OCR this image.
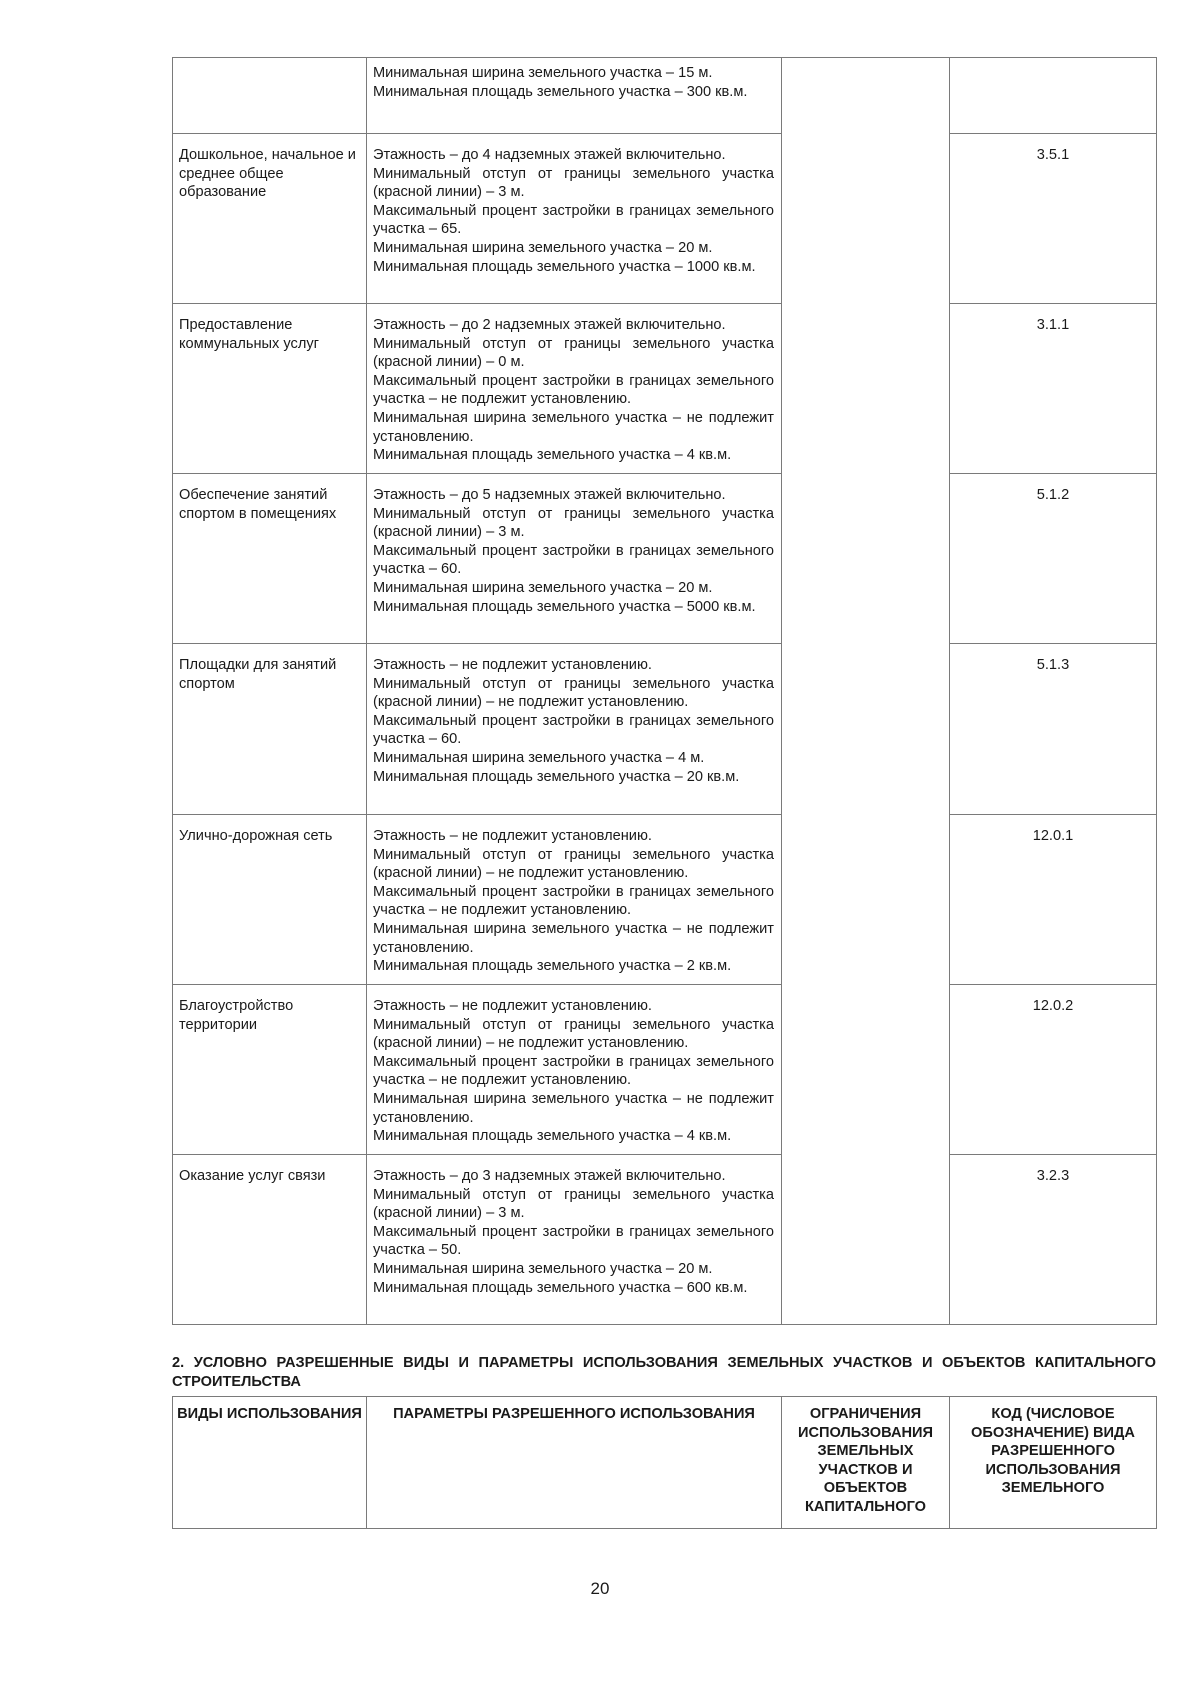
	Минимальная ширина земельного участка – 15 м.
Минимальная площадь земельного участка – 300 кв.м.		

Дошкольное, начальное и среднее общее образование	Этажность – до 4 надземных этажей включительно.
Минимальный отступ от границы земельного участка (красной линии) – 3 м.
Максимальный процент застройки в границах земельного участка – 65.
Минимальная ширина земельного участка – 20 м.
Минимальная площадь земельного участка – 1000 кв.м.		3.5.1
Предоставление коммунальных услуг	Этажность – до 2 надземных этажей включительно.
Минимальный отступ от границы земельного участка (красной линии) – 0 м.
Максимальный процент застройки в границах земельного участка – не подлежит установлению.
Минимальная ширина земельного участка – не подлежит установлению.
Минимальная площадь земельного участка – 4 кв.м.		3.1.1
Обеспечение занятий спортом в помещениях	Этажность – до 5 надземных этажей включительно.
Минимальный отступ от границы земельного участка (красной линии) – 3 м.
Максимальный процент застройки в границах земельного участка – 60.
Минимальная ширина земельного участка – 20 м.
Минимальная площадь земельного участка – 5000 кв.м.		5.1.2
Площадки для занятий спортом	Этажность – не подлежит установлению.
Минимальный отступ от границы земельного участка (красной линии) – не подлежит установлению.
Максимальный процент застройки в границах земельного участка – 60.
Минимальная ширина земельного участка – 4 м.
Минимальная площадь земельного участка – 20 кв.м.		5.1.3
Улично-дорожная сеть	Этажность – не подлежит установлению.
Минимальный отступ от границы земельного участка (красной линии) – не подлежит установлению.
Максимальный процент застройки в границах земельного участка – не подлежит установлению.
Минимальная ширина земельного участка – не подлежит установлению.
Минимальная площадь земельного участка – 2 кв.м.		12.0.1
Благоустройство территории	Этажность – не подлежит установлению.
Минимальный отступ от границы земельного участка (красной линии) – не подлежит установлению.
Максимальный процент застройки в границах земельного участка – не подлежит установлению.
Минимальная ширина земельного участка – не подлежит установлению.
Минимальная площадь земельного участка – 4 кв.м.		12.0.2
Оказание услуг связи	Этажность – до 3 надземных этажей включительно.
Минимальный отступ от границы земельного участка (красной линии) – 3 м.
Максимальный процент застройки в границах земельного участка – 50.
Минимальная ширина земельного участка – 20 м.
Минимальная площадь земельного участка – 600 кв.м.		3.2.3
2. УСЛОВНО РАЗРЕШЕННЫЕ ВИДЫ И ПАРАМЕТРЫ ИСПОЛЬЗОВАНИЯ ЗЕМЕЛЬНЫХ УЧАСТКОВ И ОБЪЕКТОВ КАПИТАЛЬНОГО СТРОИТЕЛЬСТВА
ВИДЫ ИСПОЛЬЗОВАНИЯ	ПАРАМЕТРЫ РАЗРЕШЕННОГО ИСПОЛЬЗОВАНИЯ	ОГРАНИЧЕНИЯ ИСПОЛЬЗОВАНИЯ ЗЕМЕЛЬНЫХ УЧАСТКОВ И ОБЪЕКТОВ КАПИТАЛЬНОГО	КОД (ЧИСЛОВОЕ ОБОЗНАЧЕНИЕ) ВИДА РАЗРЕШЕННОГО ИСПОЛЬЗОВАНИЯ ЗЕМЕЛЬНОГО
20
